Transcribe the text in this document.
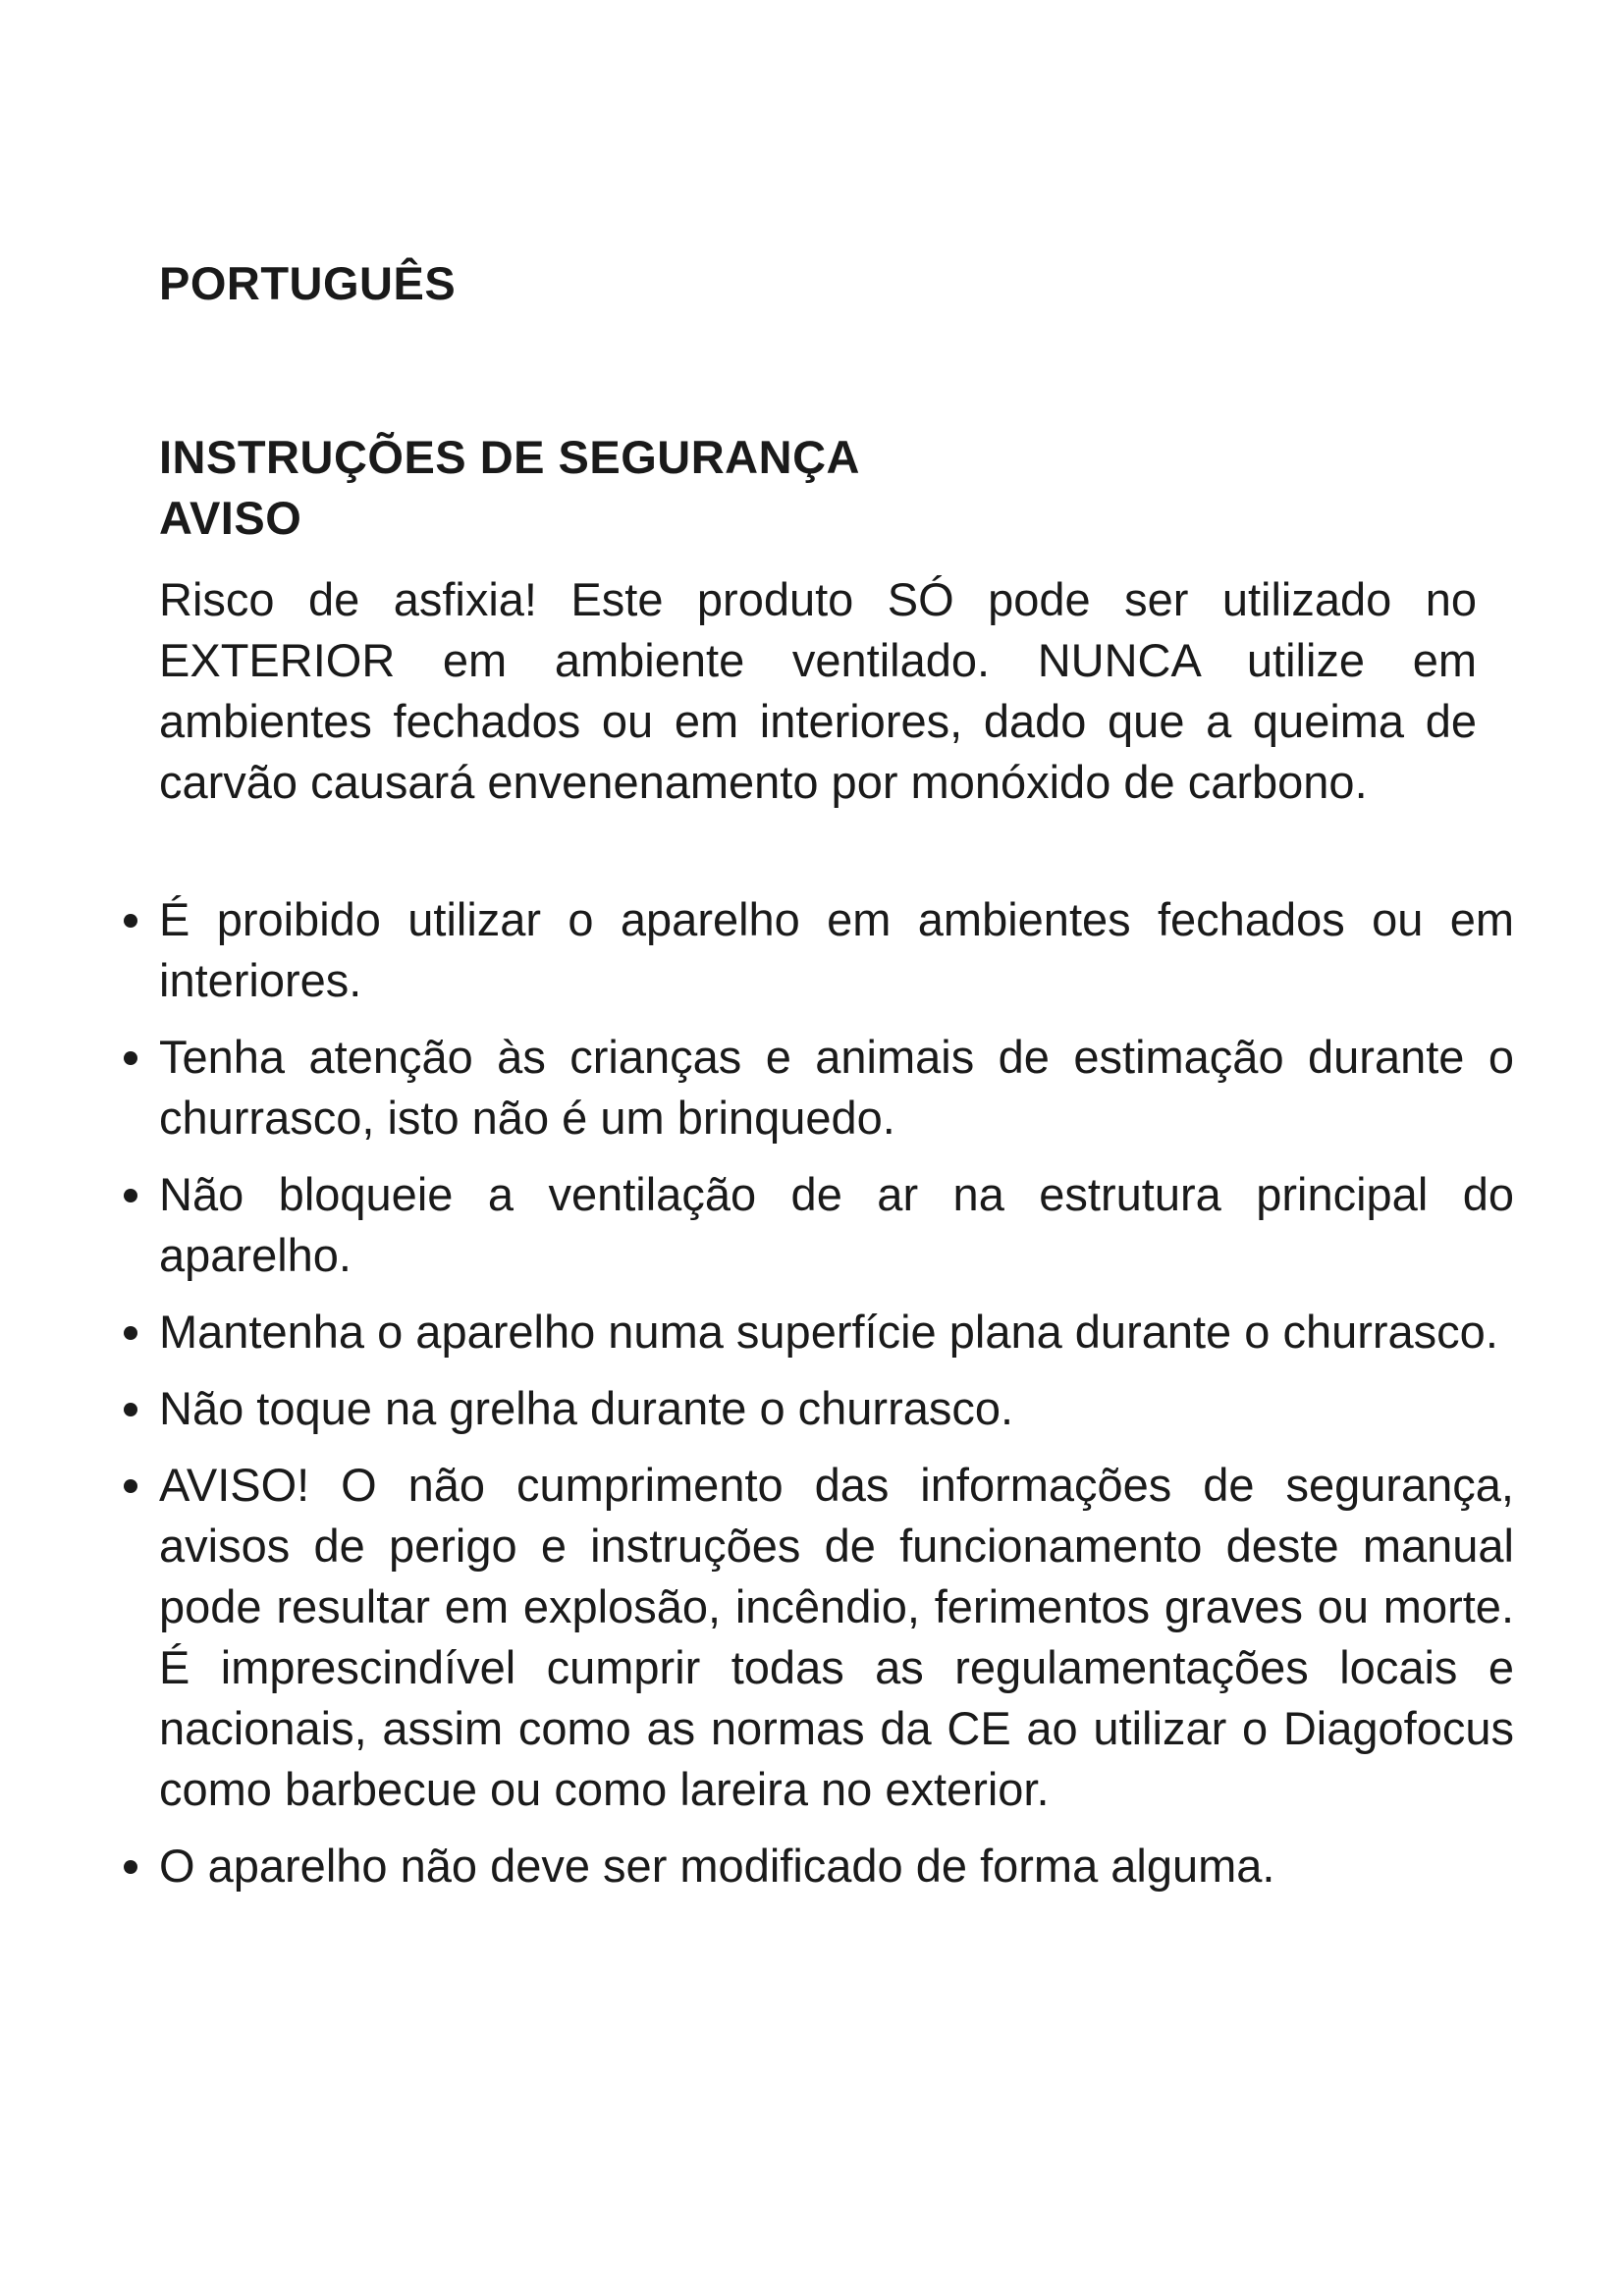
PORTUGUÊS
INSTRUÇÕES DE SEGURANÇA
AVISO

Risco de asfixia! Este produto SÓ pode ser utilizado no EXTERIOR em ambiente ventilado. NUNCA utilize em ambientes fechados ou em interiores, dado que a queima de carvão causará envenenamento por monóxido de carbono.

É proibido utilizar o aparelho em ambientes fechados ou em interiores.
Tenha atenção às crianças e animais de estimação durante o churrasco, isto não é um brinquedo.
Não bloqueie a ventilação de ar na estrutura principal do aparelho.
Mantenha o aparelho numa superfície plana durante o churrasco.
Não toque na grelha durante o churrasco.
AVISO! O não cumprimento das informações de segurança, avisos de perigo e instruções de funcionamento deste manual pode resultar em explosão, incêndio, ferimentos graves ou morte. É imprescindível cumprir todas as regulamentações locais e nacionais, assim como as normas da CE ao utilizar o Diagofocus como barbecue ou como lareira no exterior.
O aparelho não deve ser modificado de forma alguma.
